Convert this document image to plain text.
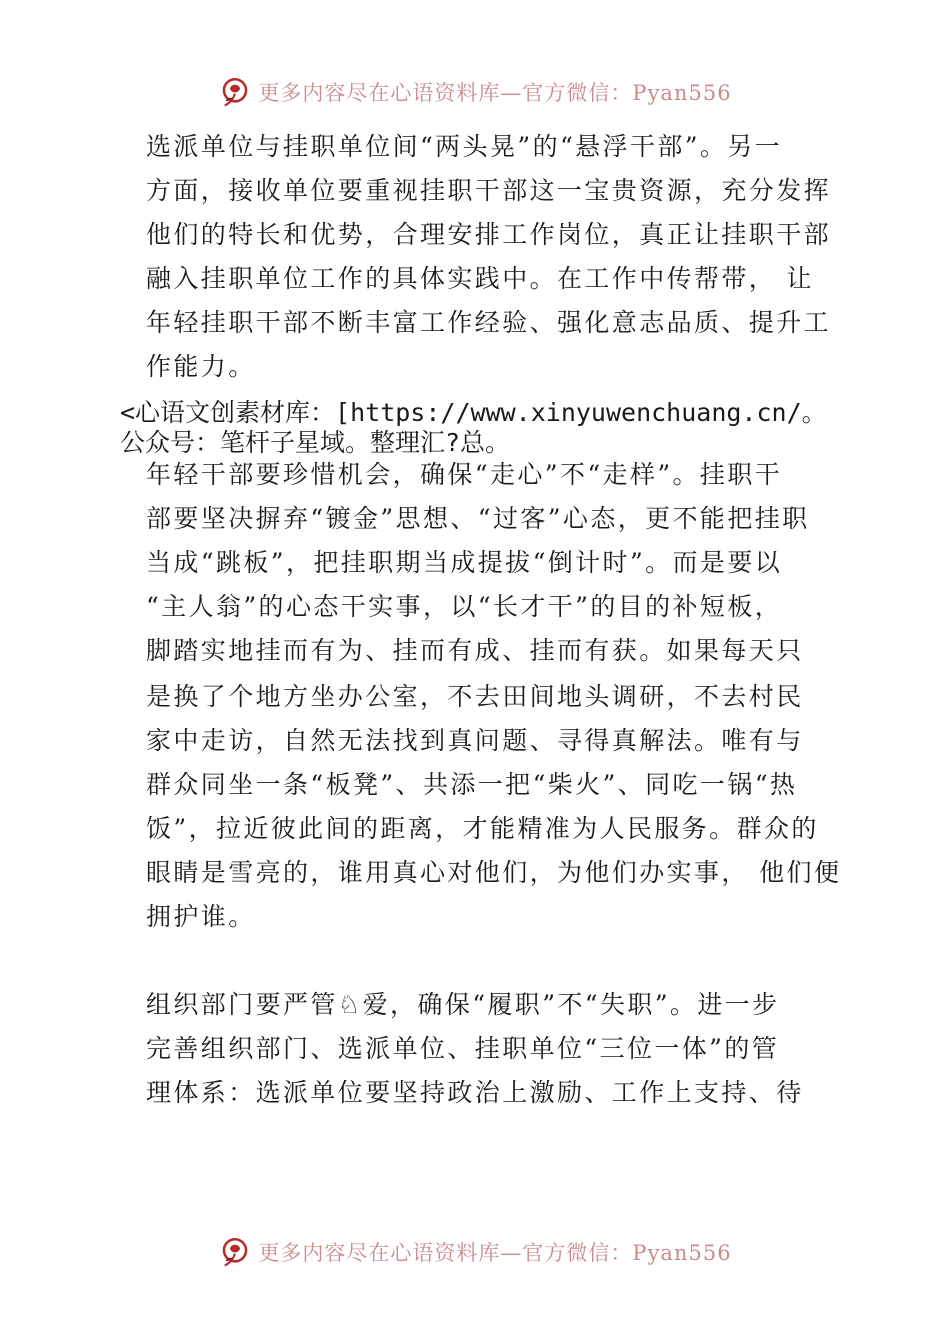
更多内容尽在心语资料库—官方微信：Pyan556
选派单位与挂职单位间“两头晃”的“悬浮干部”。另一
方面，接收单位要重视挂职干部这一宝贵资源，充分发挥
他们的特长和优势，合理安排工作岗位，真正让挂职干部
融入挂职单位工作的具体实践中。在工作中传帮带， 让
年轻挂职干部不断丰富工作经验、强化意志品质、提升工
作能力。
<心语文创素材库：[https://www.xinyuwenchuang.cn/。
公众号：笔杆子星域。整理汇?总。
年轻干部要珍惜机会，确保“走心”不“走样”。挂职干
部要坚决摒弃“镀金”思想、“过客”心态，更不能把挂职
当成“跳板”，把挂职期当成提拔“倒计时”。而是要以
“主人翁”的心态干实事，以“长才干”的目的补短板，
脚踏实地挂而有为、挂而有成、挂而有获。如果每天只
是换了个地方坐办公室，不去田间地头调研，不去村民
家中走访，自然无法找到真问题、寻得真解法。唯有与
群众同坐一条“板凳”、共添一把“柴火”、同吃一锅“热
饭”，拉近彼此间的距离，才能精准为人民服务。群众的
眼睛是雪亮的，谁用真心对他们，为他们办实事， 他们便
拥护谁。
组织部门要严管♘爱，确保“履职”不“失职”。进一步
完善组织部门、选派单位、挂职单位“三位一体”的管
理体系：选派单位要坚持政治上激励、工作上支持、待
更多内容尽在心语资料库—官方微信：Pyan556
